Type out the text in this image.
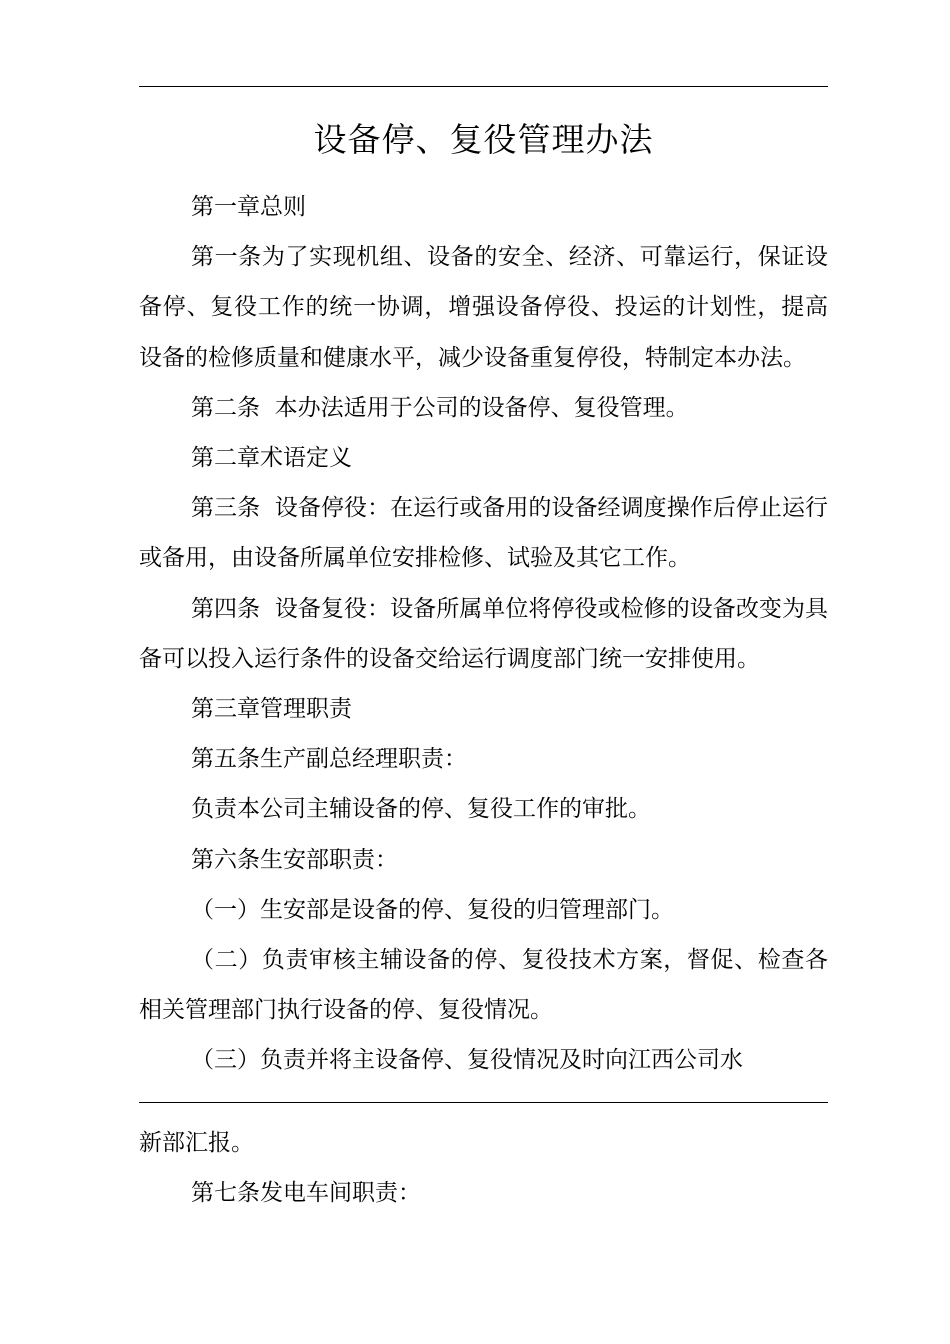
设备停、复役管理办法

第一章总则

第一条为了实现机组、设备的安全、经济、可靠运行，保证设备停、复役工作的统一协调，增强设备停役、投运的计划性，提高设备的检修质量和健康水平，减少设备重复停役，特制定本办法。

第二条  本办法适用于公司的设备停、复役管理。

第二章术语定义

第三条  设备停役：在运行或备用的设备经调度操作后停止运行或备用，由设备所属单位安排检修、试验及其它工作。

第四条  设备复役：设备所属单位将停役或检修的设备改变为具备可以投入运行条件的设备交给运行调度部门统一安排使用。

第三章管理职责

第五条生产副总经理职责：

负责本公司主辅设备的停、复役工作的审批。

第六条生安部职责：

（一）生安部是设备的停、复役的归管理部门。

（二）负责审核主辅设备的停、复役技术方案，督促、检查各相关管理部门执行设备的停、复役情况。

（三）负责并将主设备停、复役情况及时向江西公司水

新部汇报。

第七条发电车间职责：
